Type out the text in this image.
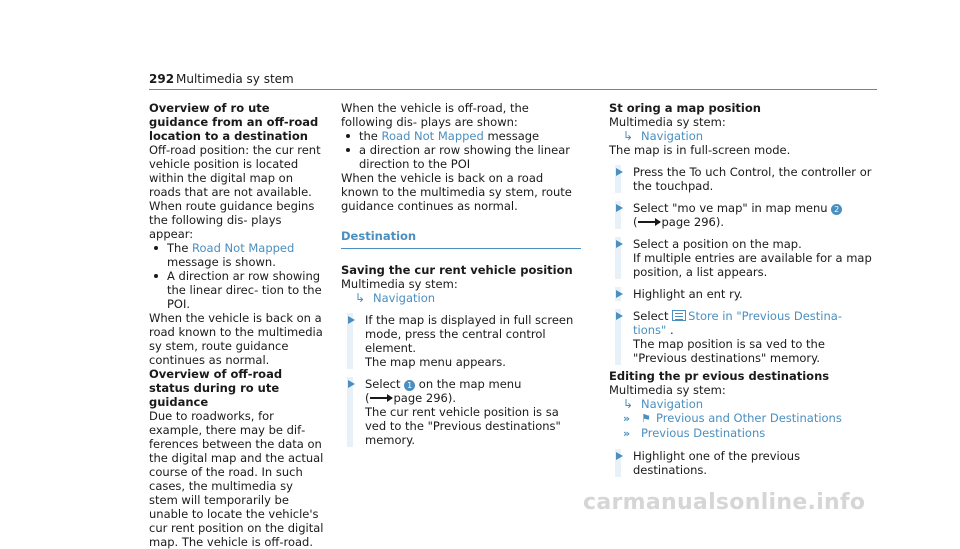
292 Multimedia sy stem

Overview of ro ute guidance from an off-road location to a destination

Off-road position: the cur rent vehicle position is located within the digital map on roads that are not available.

When route guidance begins the following dis‐ plays appear:

The Road Not Mapped message is shown.
A direction ar row showing the linear direc‐ tion to the POI.

When the vehicle is back on a road known to the multimedia sy stem, route guidance continues as normal.

Overview of off-road status during ro ute guidance

Due to roadworks, for example, there may be dif‐ ferences between the data on the digital map and the actual course of the road. In such cases, the multimedia sy stem will temporarily be unable to locate the vehicle's cur rent position on the digital map. The vehicle is off-road.

When the vehicle is off-road, the following dis‐ plays are shown:

the Road Not Mapped message
a direction ar row showing the linear direction to the POI

When the vehicle is back on a road known to the multimedia sy stem, route guidance continues as normal.

Destination

Saving the cur rent vehicle position

Multimedia sy stem:

↳ Navigation

If the map is displayed in full screen mode, press the central control element.

The map menu appears.

Select 1 on the map menu

( page 296).

The cur rent vehicle position is sa ved to the "Previous destinations" memory.

St oring a map position

Multimedia sy stem:

↳ Navigation

The map is in full-screen mode.

Press the To uch Control, the controller or the touchpad.

Select "mo ve map" in map menu 2

( page 296).

Select a position on the map.

If multiple entries are available for a map position, a list appears.

Highlight an ent ry.

Select
Store in "Previous Destina‐

tions" .

The map position is sa ved to the "Previous destinations" memory.

Editing the pr evious destinations

Multimedia sy stem:

↳ Navigation

» ⚑ Previous and Other Destinations

» Previous Destinations

Highlight one of the previous destinations.

carmanualsonline.info
